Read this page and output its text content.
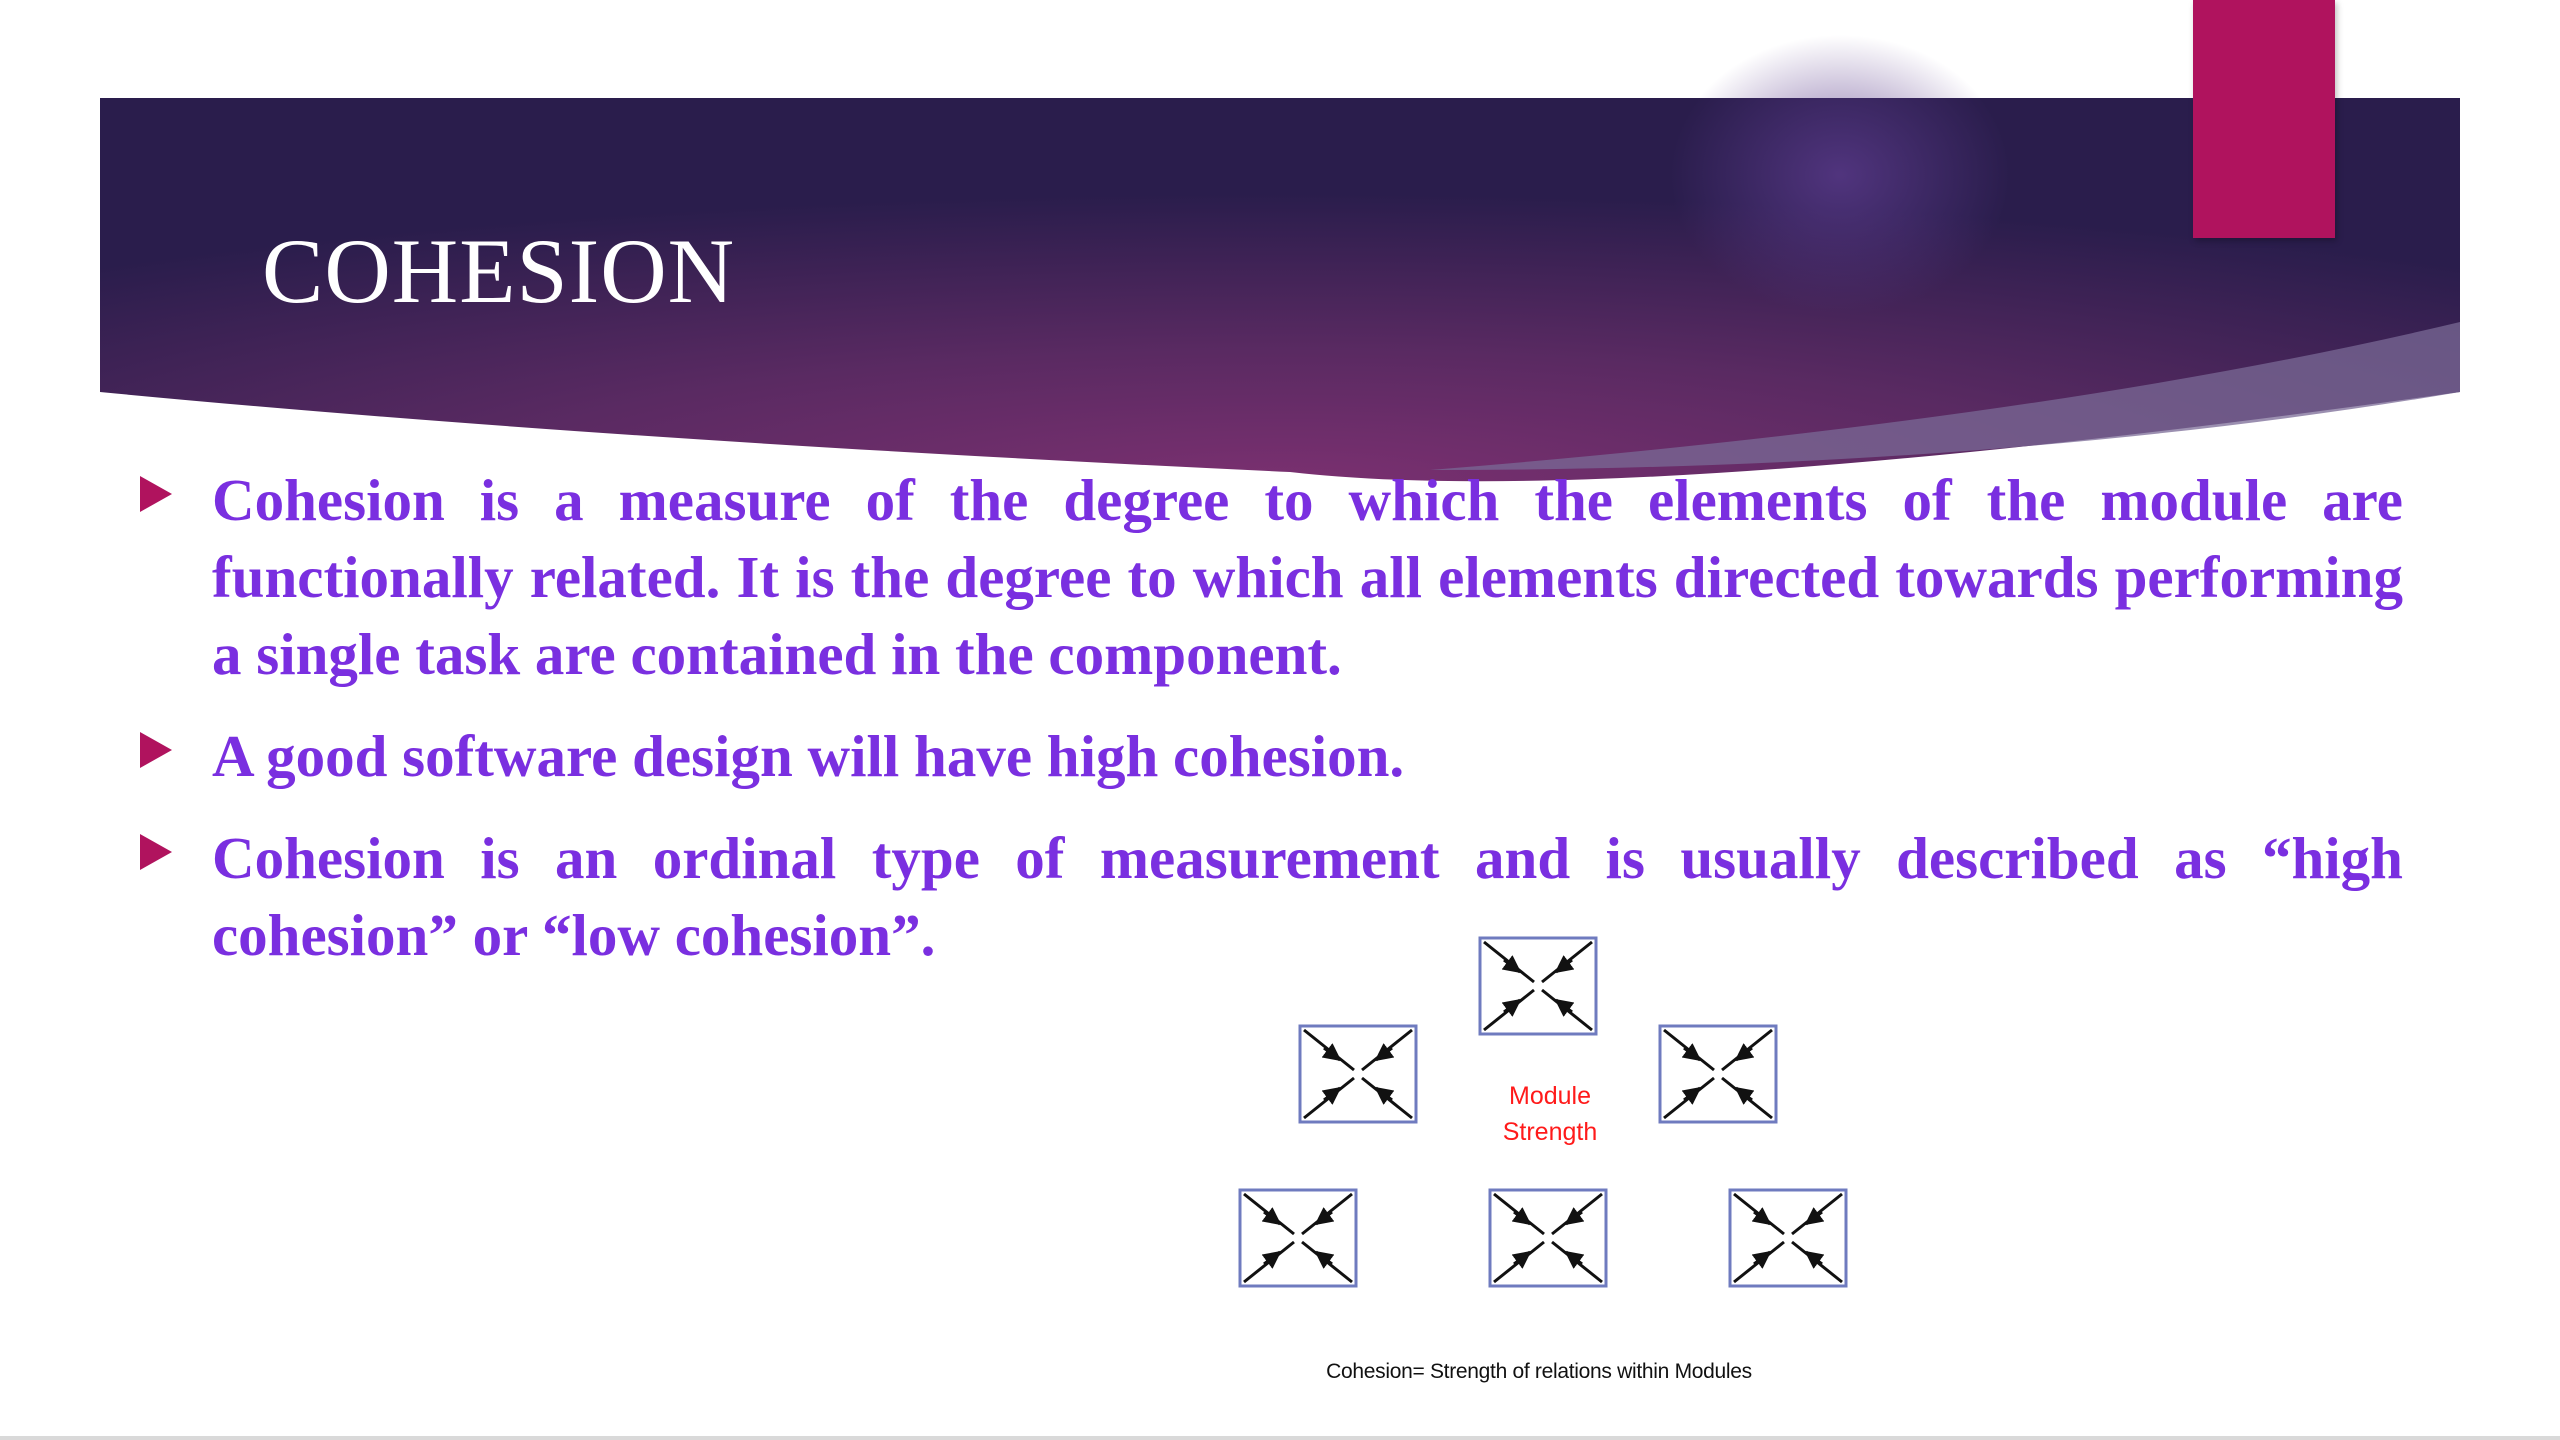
COHESION
Cohesion is a measure of the degree to which the elements of the module are functionally related. It is the degree to which all elements directed towards performing a single task are contained in the component.
A good software design will have high cohesion.
Cohesion is an ordinal type of measurement and is usually described as “high cohesion” or “low cohesion”.
Module
Strength
Cohesion= Strength of relations within Modules
